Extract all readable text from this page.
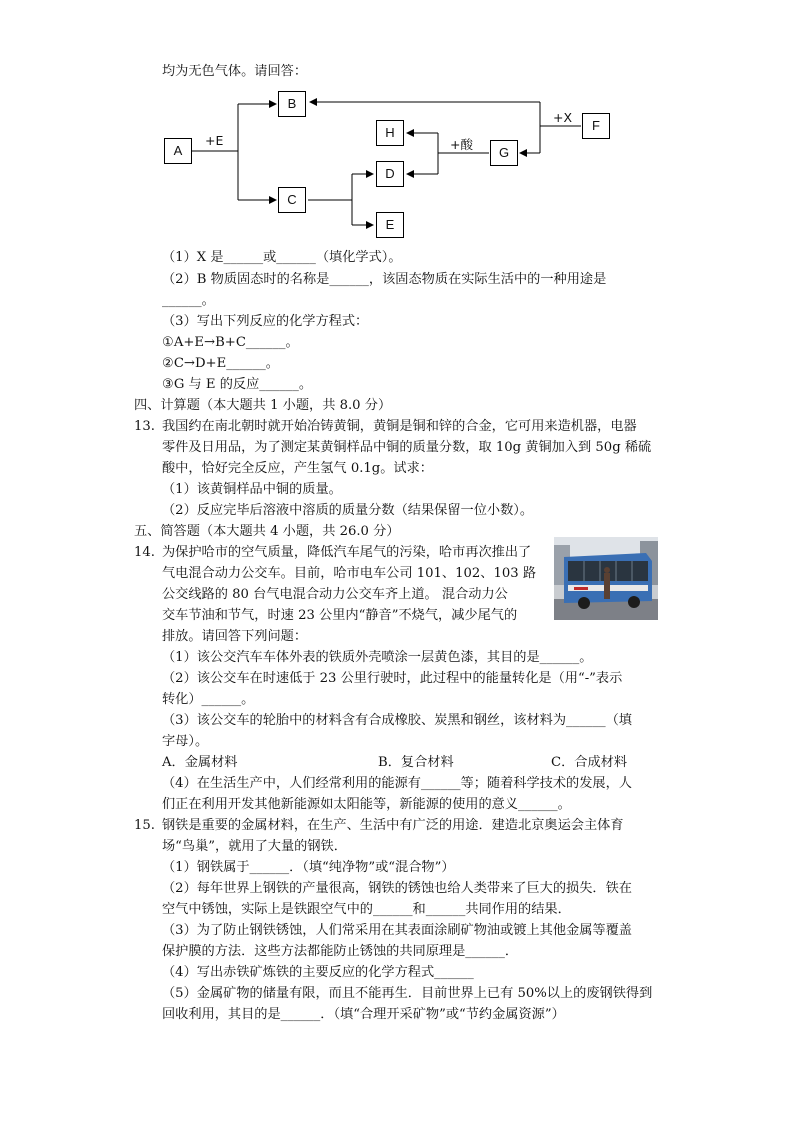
均为无色气体。请回答：
A
B
C
D
E
F
G
H
+E	+酸
+X
（1）X 是______或______（填化学式）。
（2）B 物质固态时的名称是______，该固态物质在实际生活中的一种用途是
______。
（3）写出下列反应的化学方程式：
①A+E→B+C______。
②C→D+E______。
③G 与 E 的反应______。
四、计算题（本大题共 1 小题，共 8.0 分）
13. 我国约在南北朝时就开始冶铸黄铜，黄铜是铜和锌的合金，它可用来造机器，电器
零件及日用品，为了测定某黄铜样品中铜的质量分数，取 10g 黄铜加入到 50g 稀硫
酸中，恰好完全反应，产生氢气 0.1g。试求：
（1）该黄铜样品中铜的质量。
（2）反应完毕后溶液中溶质的质量分数（结果保留一位小数）。
五、简答题（本大题共 4 小题，共 26.0 分）
14. 为保护哈市的空气质量，降低汽车尾气的污染，哈市再次推出了
气电混合动力公交车。目前，哈市电车公司 101、102、103 路
公交线路的 80 台气电混合动力公交车齐上道。 混合动力公
交车节油和节气，时速 23 公里内“静音”不烧气，减少尾气的
排放。请回答下列问题：
（1）该公交汽车车体外表的铁质外壳喷涂一层黄色漆，其目的是______。
（2）该公交车在时速低于 23 公里行驶时，此过程中的能量转化是（用“-”表示
转化）______。
（3）该公交车的轮胎中的材料含有合成橡胶、炭黑和钢丝，该材料为______（填
字母）。
A．金属材料	B．复合材料	C．合成材料
（4）在生活生产中，人们经常利用的能源有______等；随着科学技术的发展，人
们正在利用开发其他新能源如太阳能等，新能源的使用的意义______。
15. 钢铁是重要的金属材料，在生产、生活中有广泛的用途．建造北京奥运会主体育
场“鸟巢”，就用了大量的钢铁．
（1）钢铁属于______．（填“纯净物”或“混合物”）
（2）每年世界上钢铁的产量很高，钢铁的锈蚀也给人类带来了巨大的损失．铁在
空气中锈蚀，实际上是铁跟空气中的______和______共同作用的结果．
（3）为了防止钢铁锈蚀，人们常采用在其表面涂刷矿物油或镀上其他金属等覆盖
保护膜的方法．这些方法都能防止锈蚀的共同原理是______．
（4）写出赤铁矿炼铁的主要反应的化学方程式______
（5）金属矿物的储量有限，而且不能再生．目前世界上已有 50%以上的废钢铁得到
回收利用，其目的是______．（填“合理开采矿物”或“节约金属资源”）
